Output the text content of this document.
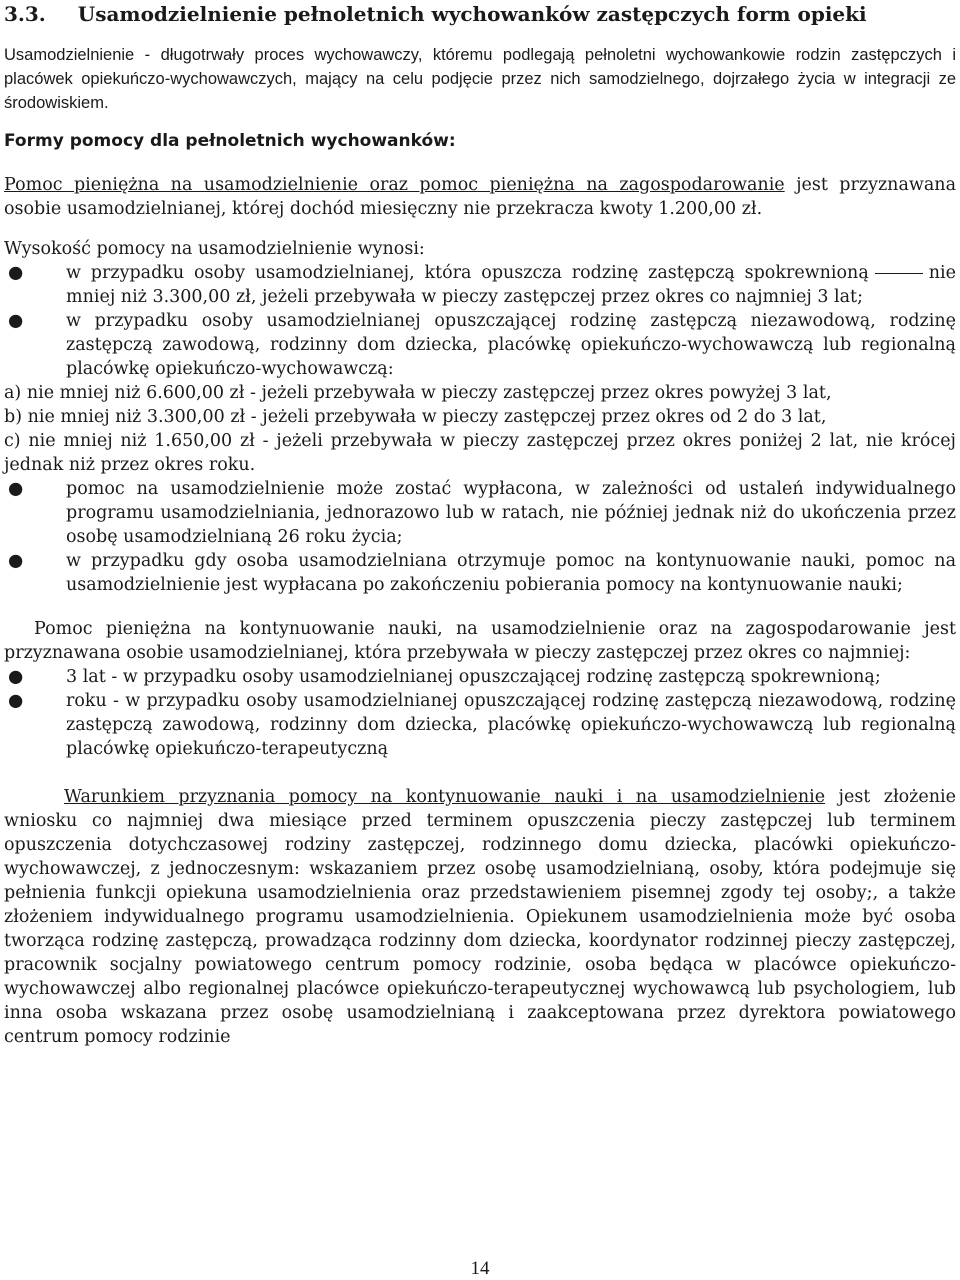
3.3. Usamodzielnienie pełnoletnich wychowanków zastępczych form opieki

Usamodzielnienie - długotrwały proces wychowawczy, któremu podlegają pełnoletni wychowankowie rodzin zastępczych i placówek opiekuńczo-wychowawczych, mający na celu podjęcie przez nich samodzielnego, dojrzałego życia w integracji ze środowiskiem.

Formy pomocy dla pełnoletnich wychowanków:

Pomoc pieniężna na usamodzielnienie oraz pomoc pieniężna na zagospodarowanie jest przyznawana osobie usamodzielnianej, której dochód miesięczny nie przekracza kwoty 1.200,00 zł.

Wysokość pomocy na usamodzielnienie wynosi:

● w przypadku osoby usamodzielnianej, która opuszcza rodzinę zastępczą spokrewnioną	nie mniej niż 3.300,00 zł, jeżeli przebywała w pieczy zastępczej przez okres co najmniej 3 lat;
● w przypadku osoby usamodzielnianej opuszczającej rodzinę zastępczą niezawodową, rodzinę zastępczą zawodową, rodzinny dom dziecka, placówkę opiekuńczo-wychowawczą lub regionalną placówkę opiekuńczo-wychowawczą:

a) nie mniej niż 6.600,00 zł - jeżeli przebywała w pieczy zastępczej przez okres powyżej 3 lat,

b) nie mniej niż 3.300,00 zł - jeżeli przebywała w pieczy zastępczej przez okres od 2 do 3 lat,

c) nie mniej niż 1.650,00 zł - jeżeli przebywała w pieczy zastępczej przez okres poniżej 2 lat, nie krócej jednak niż przez okres roku.

● pomoc na usamodzielnienie może zostać wypłacona, w zależności od ustaleń indywidualnego programu usamodzielniania, jednorazowo lub w ratach, nie później jednak niż do ukończenia przez osobę usamodzielnianą 26 roku życia;
● w przypadku gdy osoba usamodzielniana otrzymuje pomoc na kontynuowanie nauki, pomoc na usamodzielnienie jest wypłacana po zakończeniu pobierania pomocy na kontynuowanie nauki;

Pomoc pieniężna na kontynuowanie nauki, na usamodzielnienie oraz na zagospodarowanie jest przyznawana osobie usamodzielnianej, która przebywała w pieczy zastępczej przez okres co najmniej:

● 3 lat - w przypadku osoby usamodzielnianej opuszczającej rodzinę zastępczą spokrewnioną;
● roku - w przypadku osoby usamodzielnianej opuszczającej rodzinę zastępczą niezawodową, rodzinę zastępczą zawodową, rodzinny dom dziecka, placówkę opiekuńczo-wychowawczą lub regionalną placówkę opiekuńczo-terapeutyczną

Warunkiem przyznania pomocy na kontynuowanie nauki i na usamodzielnienie jest złożenie wniosku co najmniej dwa miesiące przed terminem opuszczenia pieczy zastępczej lub terminem opuszczenia dotychczasowej rodziny zastępczej, rodzinnego domu dziecka, placówki opiekuńczo-wychowawczej, z jednoczesnym: wskazaniem przez osobę usamodzielnianą, osoby, która podejmuje się pełnienia funkcji opiekuna usamodzielnienia oraz przedstawieniem pisemnej zgody tej osoby;, a także złożeniem indywidualnego programu usamodzielnienia. Opiekunem usamodzielnienia może być osoba tworząca rodzinę zastępczą, prowadząca rodzinny dom dziecka, koordynator rodzinnej pieczy zastępczej, pracownik socjalny powiatowego centrum pomocy rodzinie, osoba będąca w placówce opiekuńczo-wychowawczej albo regionalnej placówce opiekuńczo-terapeutycznej wychowawcą lub psychologiem, lub inna osoba wskazana przez osobę usamodzielnianą i zaakceptowana przez dyrektora powiatowego centrum pomocy rodzinie

14
